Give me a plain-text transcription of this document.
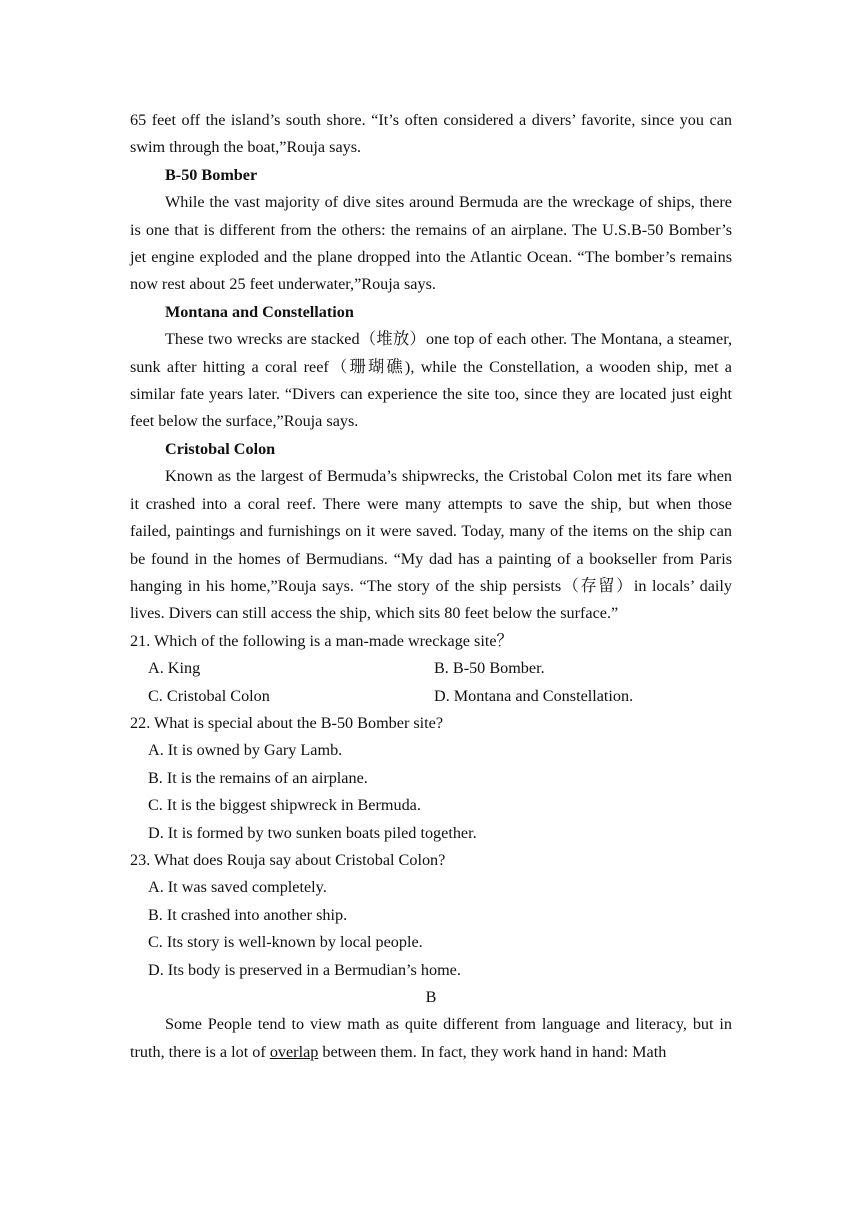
65 feet off the island’s south shore. “It’s often considered a divers’ favorite, since you can swim through the boat,”Rouja says.

B-50 Bomber

While the vast majority of dive sites around Bermuda are the wreckage of ships, there is one that is different from the others: the remains of an airplane. The U.S.B-50 Bomber’s jet engine exploded and the plane dropped into the Atlantic Ocean. “The bomber’s remains now rest about 25 feet underwater,”Rouja says.

Montana and Constellation

These two wrecks are stacked（堆放）one top of each other. The Montana, a steamer, sunk after hitting a coral reef（珊瑚礁), while the Constellation, a wooden ship, met a similar fate years later. “Divers can experience the site too, since they are located just eight feet below the surface,”Rouja says.

Cristobal Colon

Known as the largest of Bermuda’s shipwrecks, the Cristobal Colon met its fare when it crashed into a coral reef. There were many attempts to save the ship, but when those failed, paintings and furnishings on it were saved. Today, many of the items on the ship can be found in the homes of Bermudians. “My dad has a painting of a bookseller from Paris hanging in his home,”Rouja says. “The story of the ship persists（存留）in locals’ daily lives. Divers can still access the ship, which sits 80 feet below the surface.”

21. Which of the following is a man-made wreckage site？

A. King	B. B-50 Bomber.
C. Cristobal Colon	D. Montana and Constellation.

22. What is special about the B-50 Bomber site?

A. It is owned by Gary Lamb.

B. It is the remains of an airplane.

C. It is the biggest shipwreck in Bermuda.

D. It is formed by two sunken boats piled together.

23. What does Rouja say about Cristobal Colon?

A. It was saved completely.

B. It crashed into another ship.

C. Its story is well-known by local people.

D. Its body is preserved in a Bermudian’s home.

B

Some People tend to view math as quite different from language and literacy, but in truth, there is a lot of overlap between them. In fact, they work hand in hand: Math
